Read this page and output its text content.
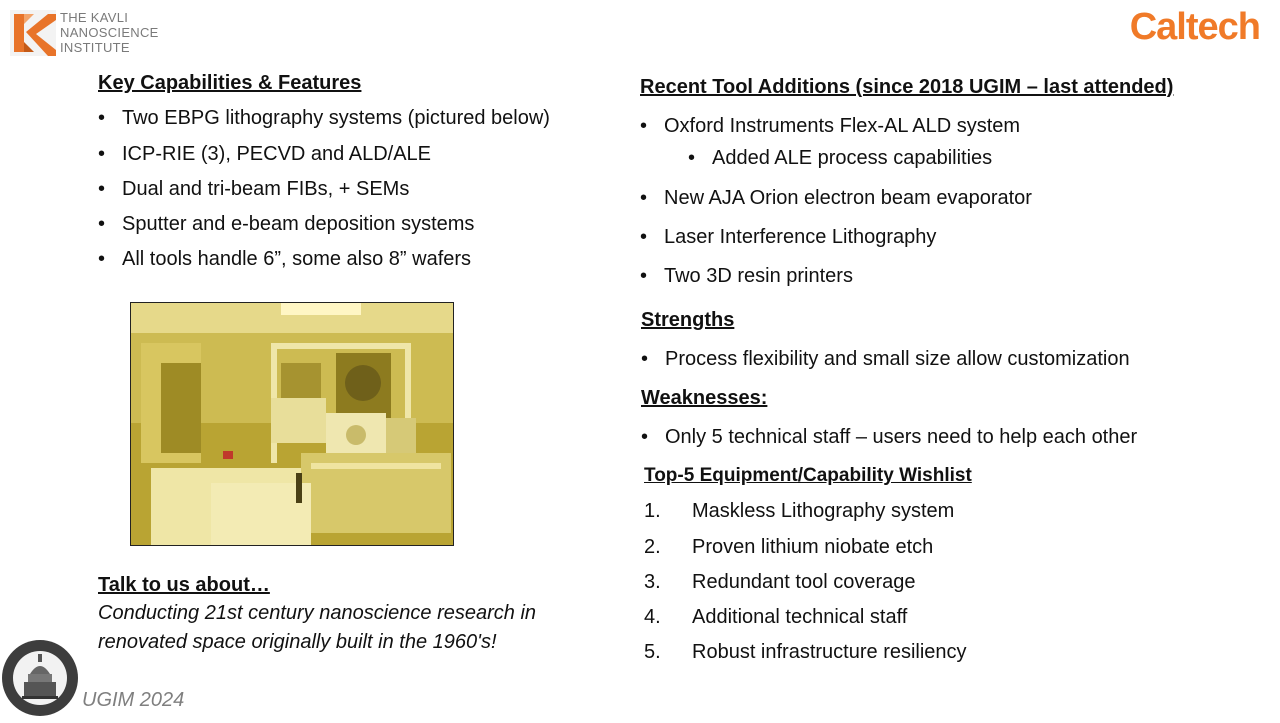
THE KAVLI
NANOSCIENCE
INSTITUTE	Caltech
Key Capabilities & Features
• Two EBPG lithography systems (pictured below)
• ICP-RIE (3), PECVD and ALD/ALE
• Dual and tri-beam FIBs, + SEMs
• Sputter and e-beam deposition systems
• All tools handle 6”, some also 8” wafers
Talk to us about…
Conducting 21st century nanoscience research in
renovated space originally built in the 1960's!
UGIM 2024
Recent Tool Additions (since 2018 UGIM – last attended)
• Oxford Instruments Flex-AL ALD system
• Added ALE process capabilities
• New AJA Orion electron beam evaporator
• Laser Interference Lithography
• Two 3D resin printers
Strengths
• Process flexibility and small size allow customization
Weaknesses:
• Only 5 technical staff – users need to help each other
Top-5 Equipment/Capability Wishlist
1. Maskless Lithography system
2. Proven lithium niobate etch
3. Redundant tool coverage
4. Additional technical staff
5. Robust infrastructure resiliency
